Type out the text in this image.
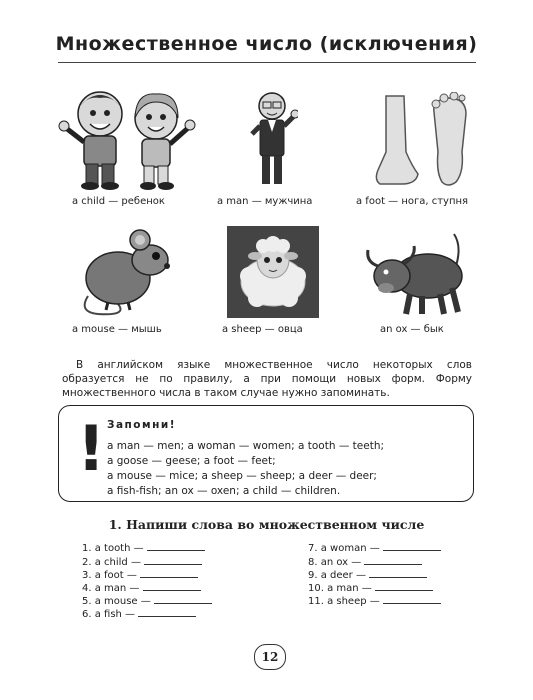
Множественное число (исключения)
a child — ребенок	a man — мужчина	a foot — нога, ступня
a mouse — мышь	a sheep — овца	an ox — бык

В английском языке множественное число некоторых слов образуется не по правилу, а при помощи новых форм. Форму множественного числа в таком случае нужно запоминать.

! Запомни!
a man — men; a woman — women; a tooth — teeth;
a goose — geese; a foot — feet;
a mouse — mice; a sheep — sheep; a deer — deer;
a fish-fish; an ox — oxen; a child — children.
1. Напиши слова во множественном числе
1. a tooth —
2. a child —
3. a foot —
4. a man —
5. a mouse —
6. a fish —
7. a woman —
8. an ox —
9. a deer —
10. a man —
11. a sheep —
12
